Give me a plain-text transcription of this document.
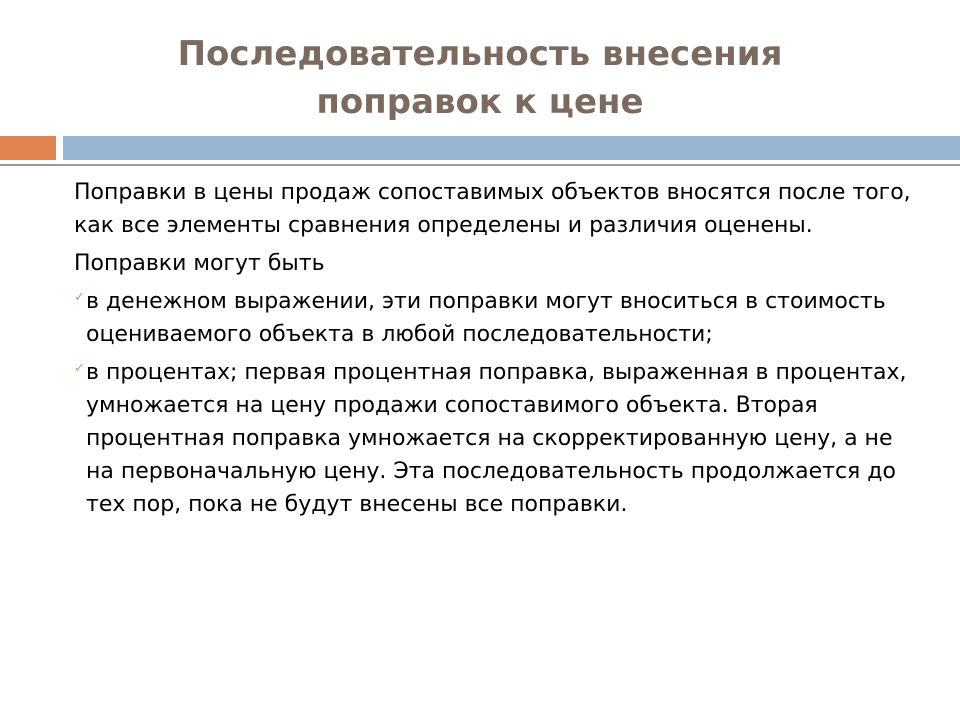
Последовательность внесения
поправок к цене

Поправки в цены продаж сопоставимых объектов вносятся после того, как все элементы сравнения определены и различия оценены.

Поправки могут быть

✓ в денежном выражении, эти поправки могут вноситься в стоимость оцениваемого объекта в любой последовательности;
✓ в процентах; первая процентная поправка, выраженная в процентах, умножается на цену продажи сопоставимого объекта. Вторая процентная поправка умножается на скорректированную цену, а не на первоначальную цену. Эта последовательность продолжается до тех пор, пока не будут внесены все поправки.
